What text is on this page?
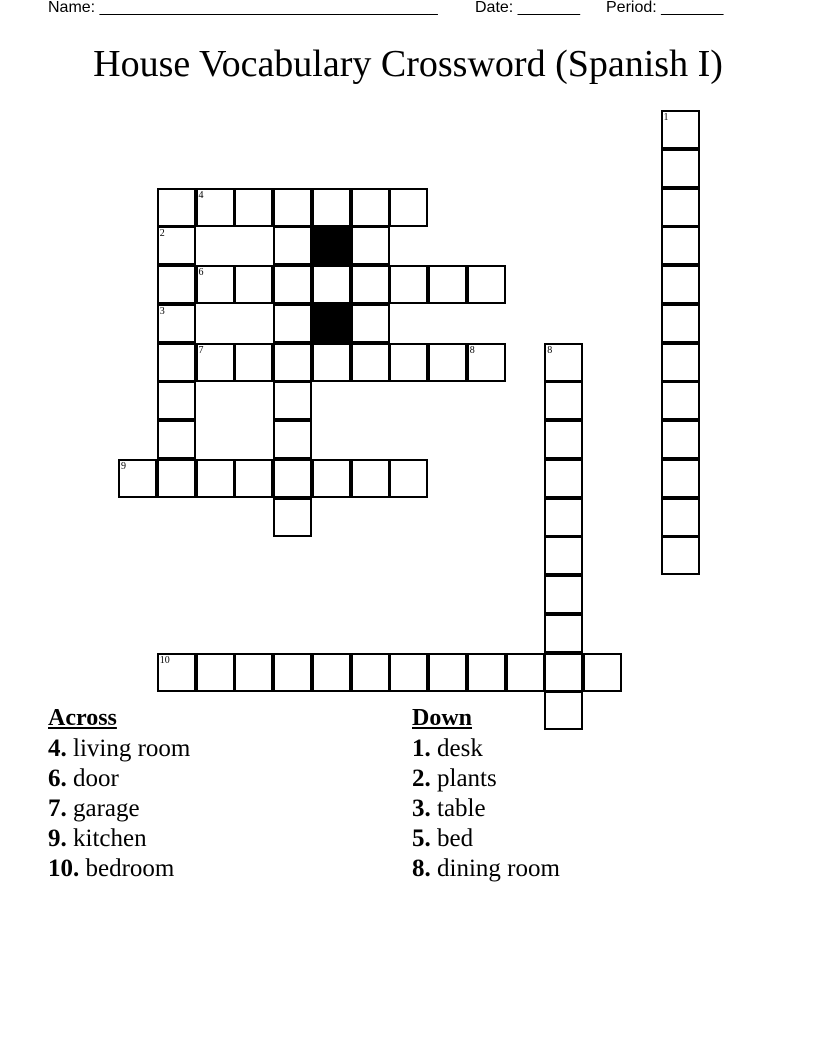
Name: ______________________________________ Date: _______ Period: _______
House Vocabulary Crossword (Spanish I)
2
3
4
6
7	8
9
10
8
1
Across
4. living room
6. door
7. garage
9. kitchen
10. bedroom
Down
1. desk
2. plants
3. table
5. bed
8. dining room
